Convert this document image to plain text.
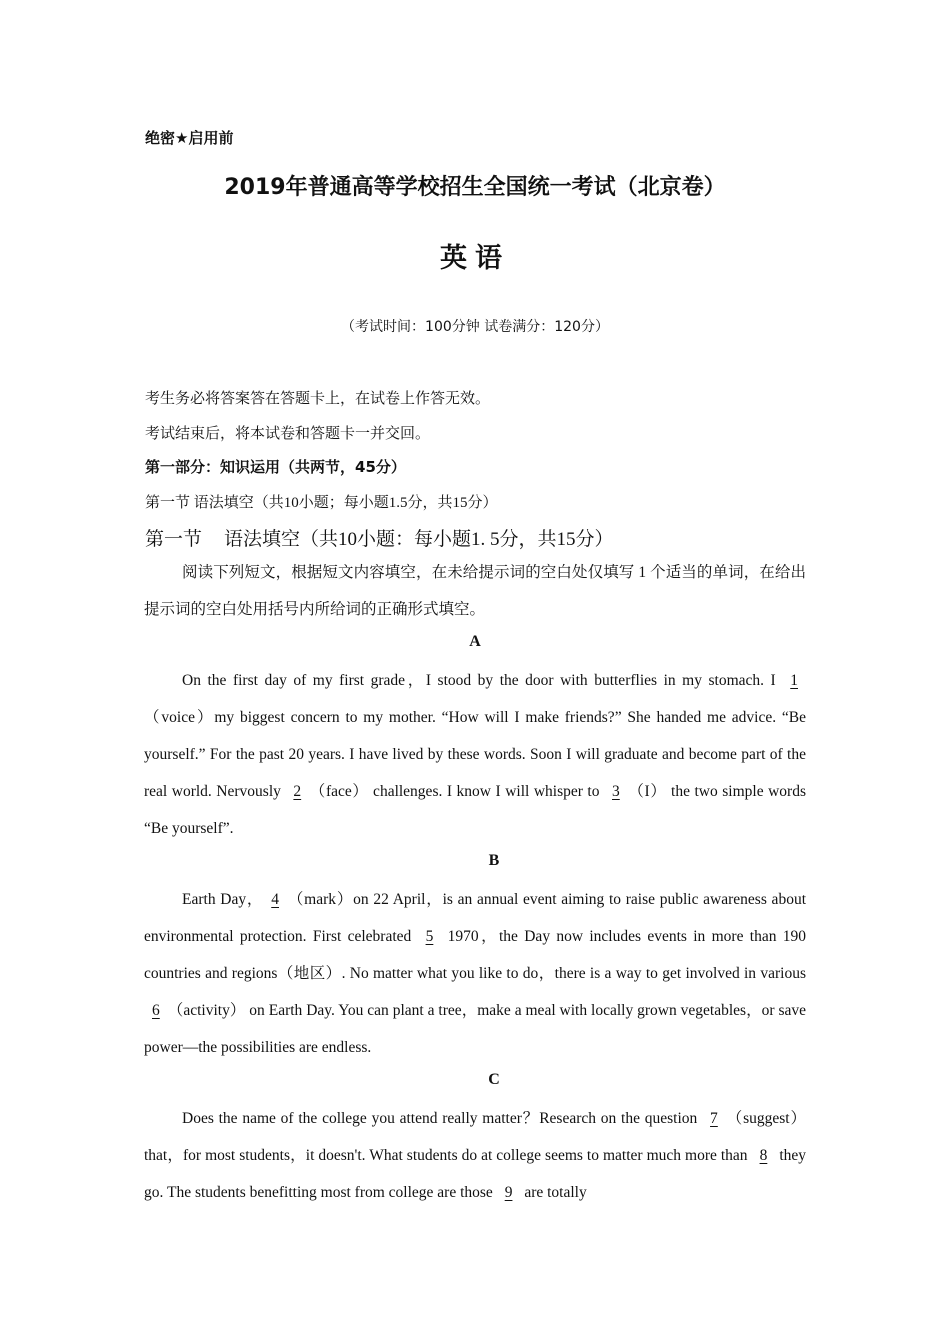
绝密★启用前
2019年普通高等学校招生全国统一考试（北京卷）
英语
（考试时间：100分钟 试卷满分：120分）
考生务必将答案答在答题卡上，在试卷上作答无效。
考试结束后，将本试卷和答题卡一并交回。
第一部分：知识运用（共两节，45分）
第一节 语法填空（共10小题；每小题1.5分，共15分）
第一节 语法填空（共10小题：每小题1. 5分，共15分）
阅读下列短文，根据短文内容填空，在未给提示词的空白处仅填写 1 个适当的单词，在给出提示词的空白处用括号内所给词的正确形式填空。
A
On the first day of my first grade，I stood by the door with butterflies in my stomach. I 1（voice）my biggest concern to my mother. “How will I make friends?” She handed me advice. “Be yourself.” For the past 20 years. I have lived by these words. Soon I will graduate and become part of the real world. Nervously 2 （face） challenges. I know I will whisper to 3 （I） the two simple words “Be yourself”.
B
Earth Day， 4 （mark）on 22 April，is an annual event aiming to raise public awareness about environmental protection. First celebrated 5 1970，the Day now includes events in more than 190 countries and regions（地区）. No matter what you like to do，there is a way to get involved in various 6 （activity） on Earth Day. You can plant a tree，make a meal with locally grown vegetables，or save power—the possibilities are endless.
C
Does the name of the college you attend really matter？Research on the question 7 （suggest）that，for most students，it doesn't. What students do at college seems to matter much more than 8 they go. The students benefitting most from college are those 9 are totally
